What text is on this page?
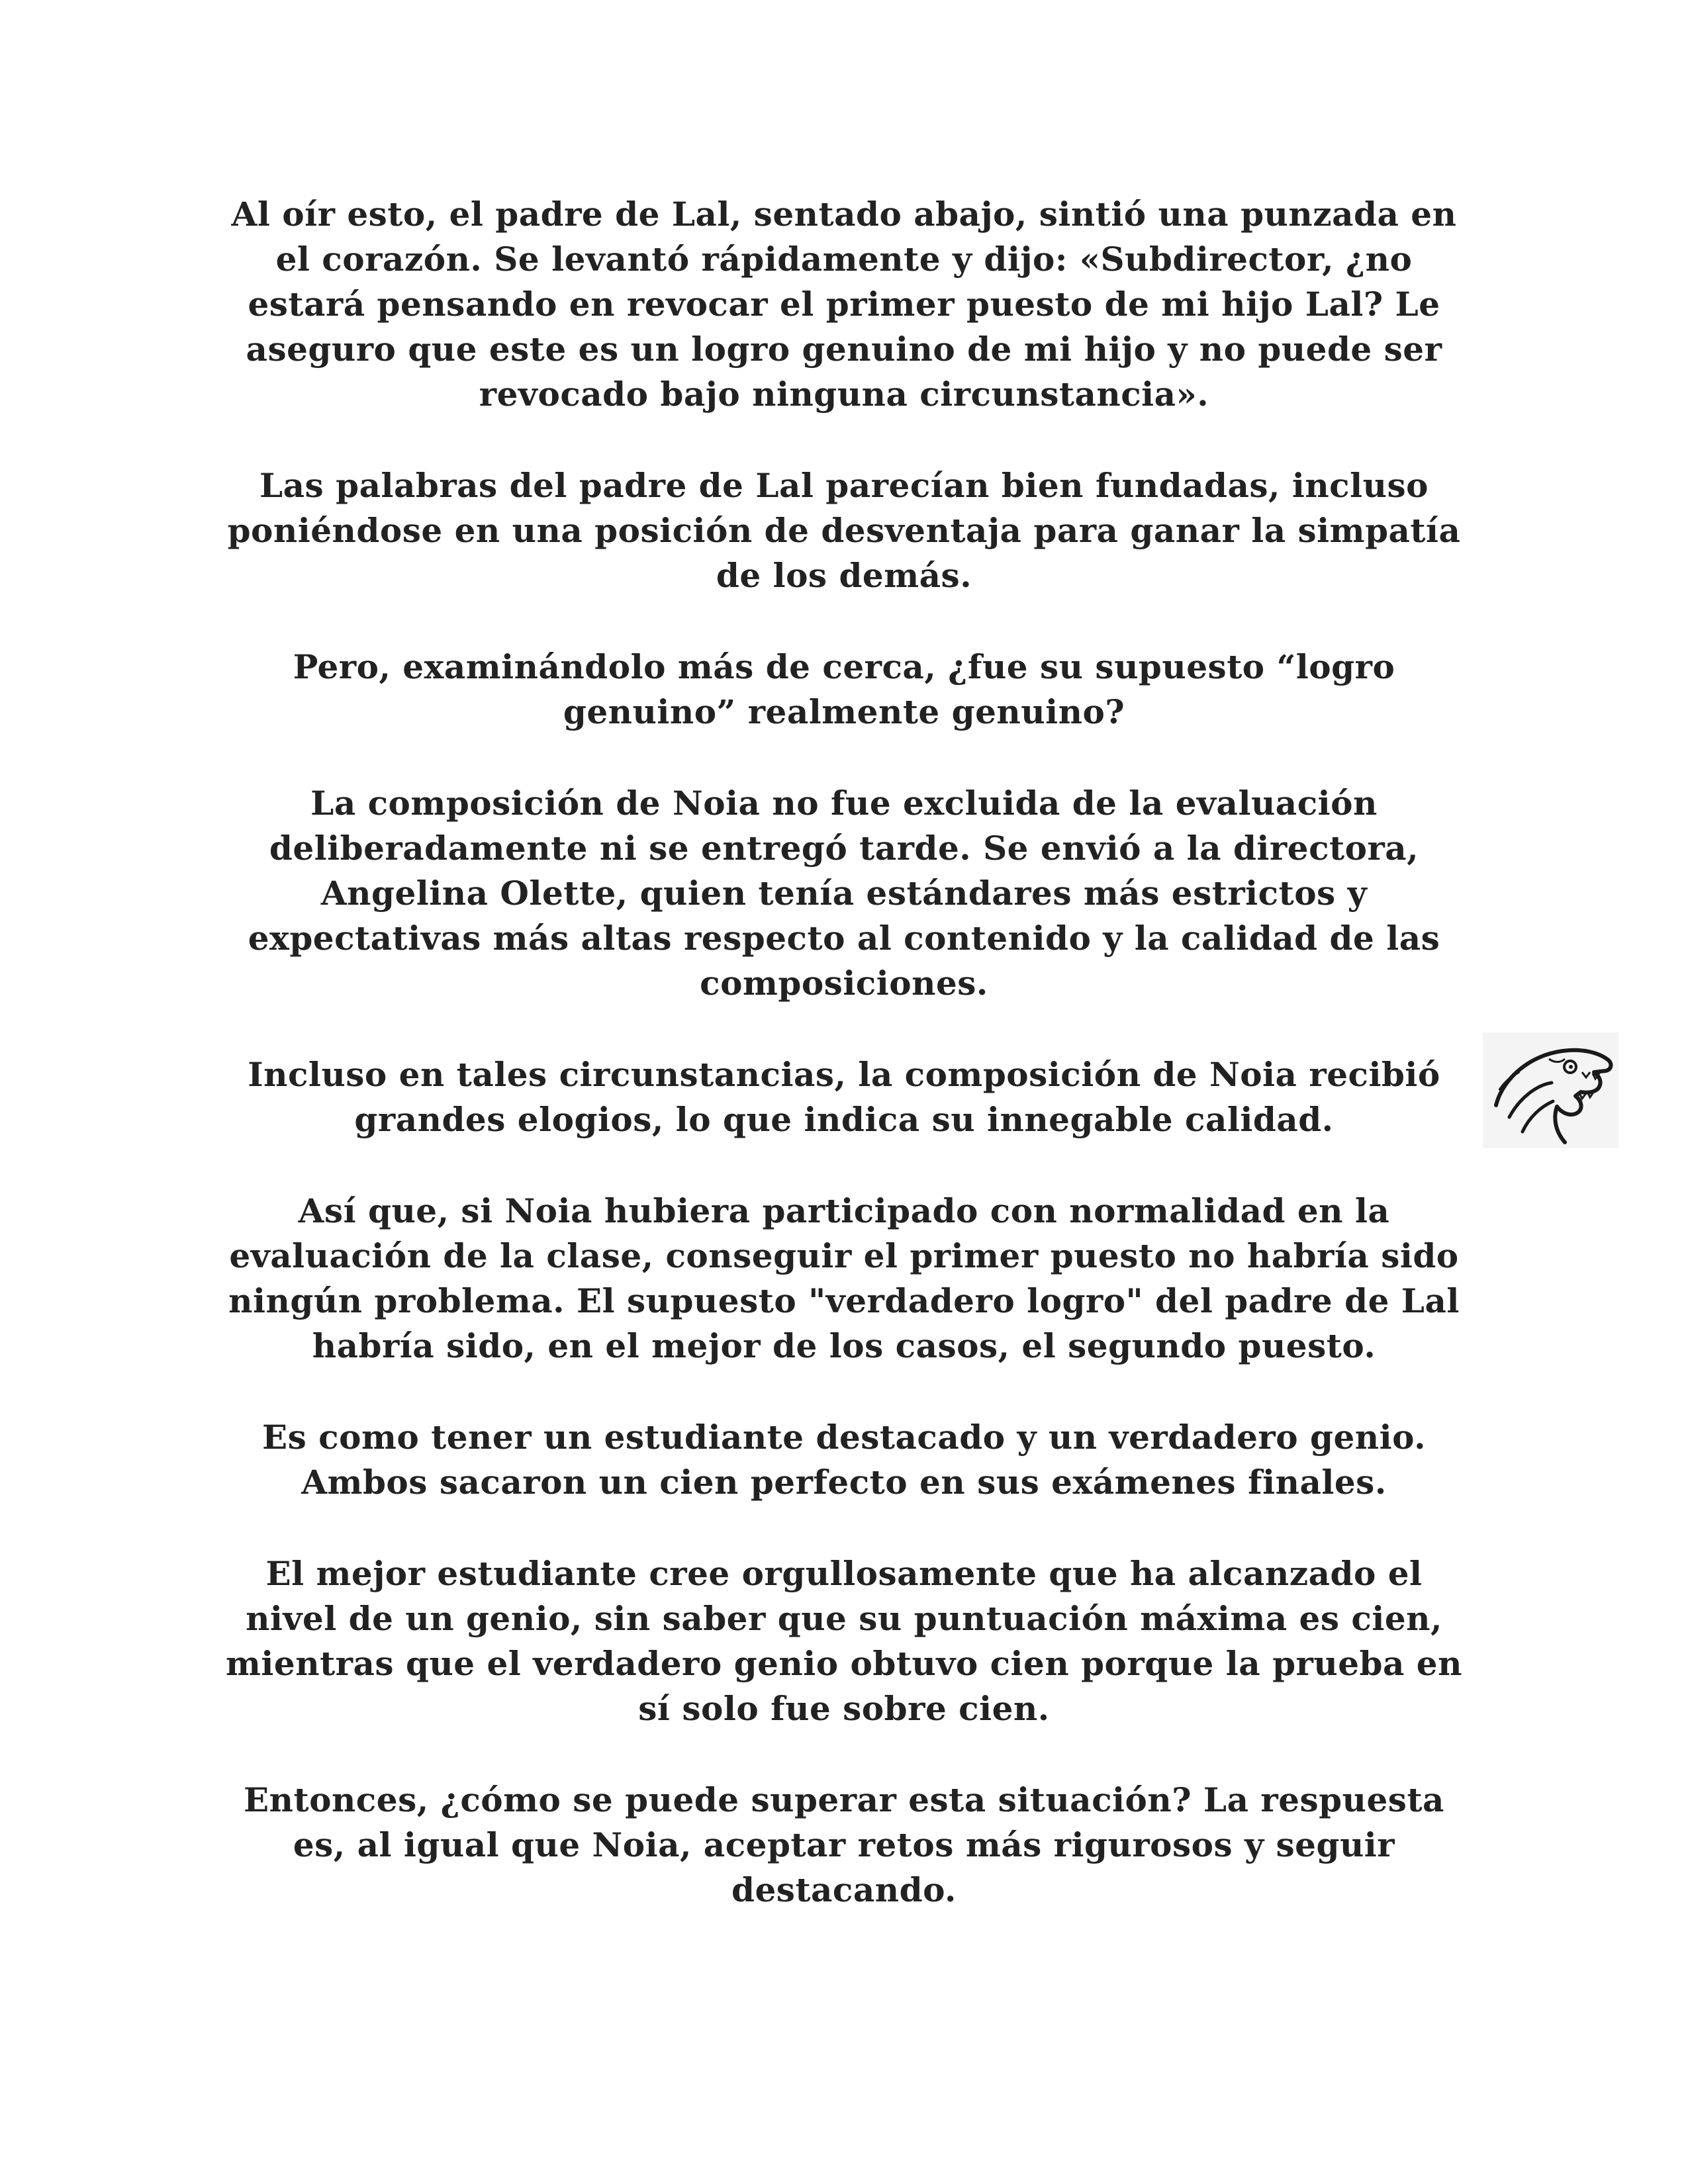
Al oír esto, el padre de Lal, sentado abajo, sintió una punzada en el corazón. Se levantó rápidamente y dijo: «Subdirector, ¿no estará pensando en revocar el primer puesto de mi hijo Lal? Le aseguro que este es un logro genuino de mi hijo y no puede ser revocado bajo ninguna circunstancia».

Las palabras del padre de Lal parecían bien fundadas, incluso poniéndose en una posición de desventaja para ganar la simpatía de los demás.

Pero, examinándolo más de cerca, ¿fue su supuesto “logro genuino” realmente genuino?

La composición de Noia no fue excluida de la evaluación deliberadamente ni se entregó tarde. Se envió a la directora, Angelina Olette, quien tenía estándares más estrictos y expectativas más altas respecto al contenido y la calidad de las composiciones.

Incluso en tales circunstancias, la composición de Noia recibió grandes elogios, lo que indica su innegable calidad.

Así que, si Noia hubiera participado con normalidad en la evaluación de la clase, conseguir el primer puesto no habría sido ningún problema. El supuesto "verdadero logro" del padre de Lal habría sido, en el mejor de los casos, el segundo puesto.

Es como tener un estudiante destacado y un verdadero genio. Ambos sacaron un cien perfecto en sus exámenes finales.

El mejor estudiante cree orgullosamente que ha alcanzado el nivel de un genio, sin saber que su puntuación máxima es cien, mientras que el verdadero genio obtuvo cien porque la prueba en sí solo fue sobre cien.

Entonces, ¿cómo se puede superar esta situación? La respuesta es, al igual que Noia, aceptar retos más rigurosos y seguir destacando.
